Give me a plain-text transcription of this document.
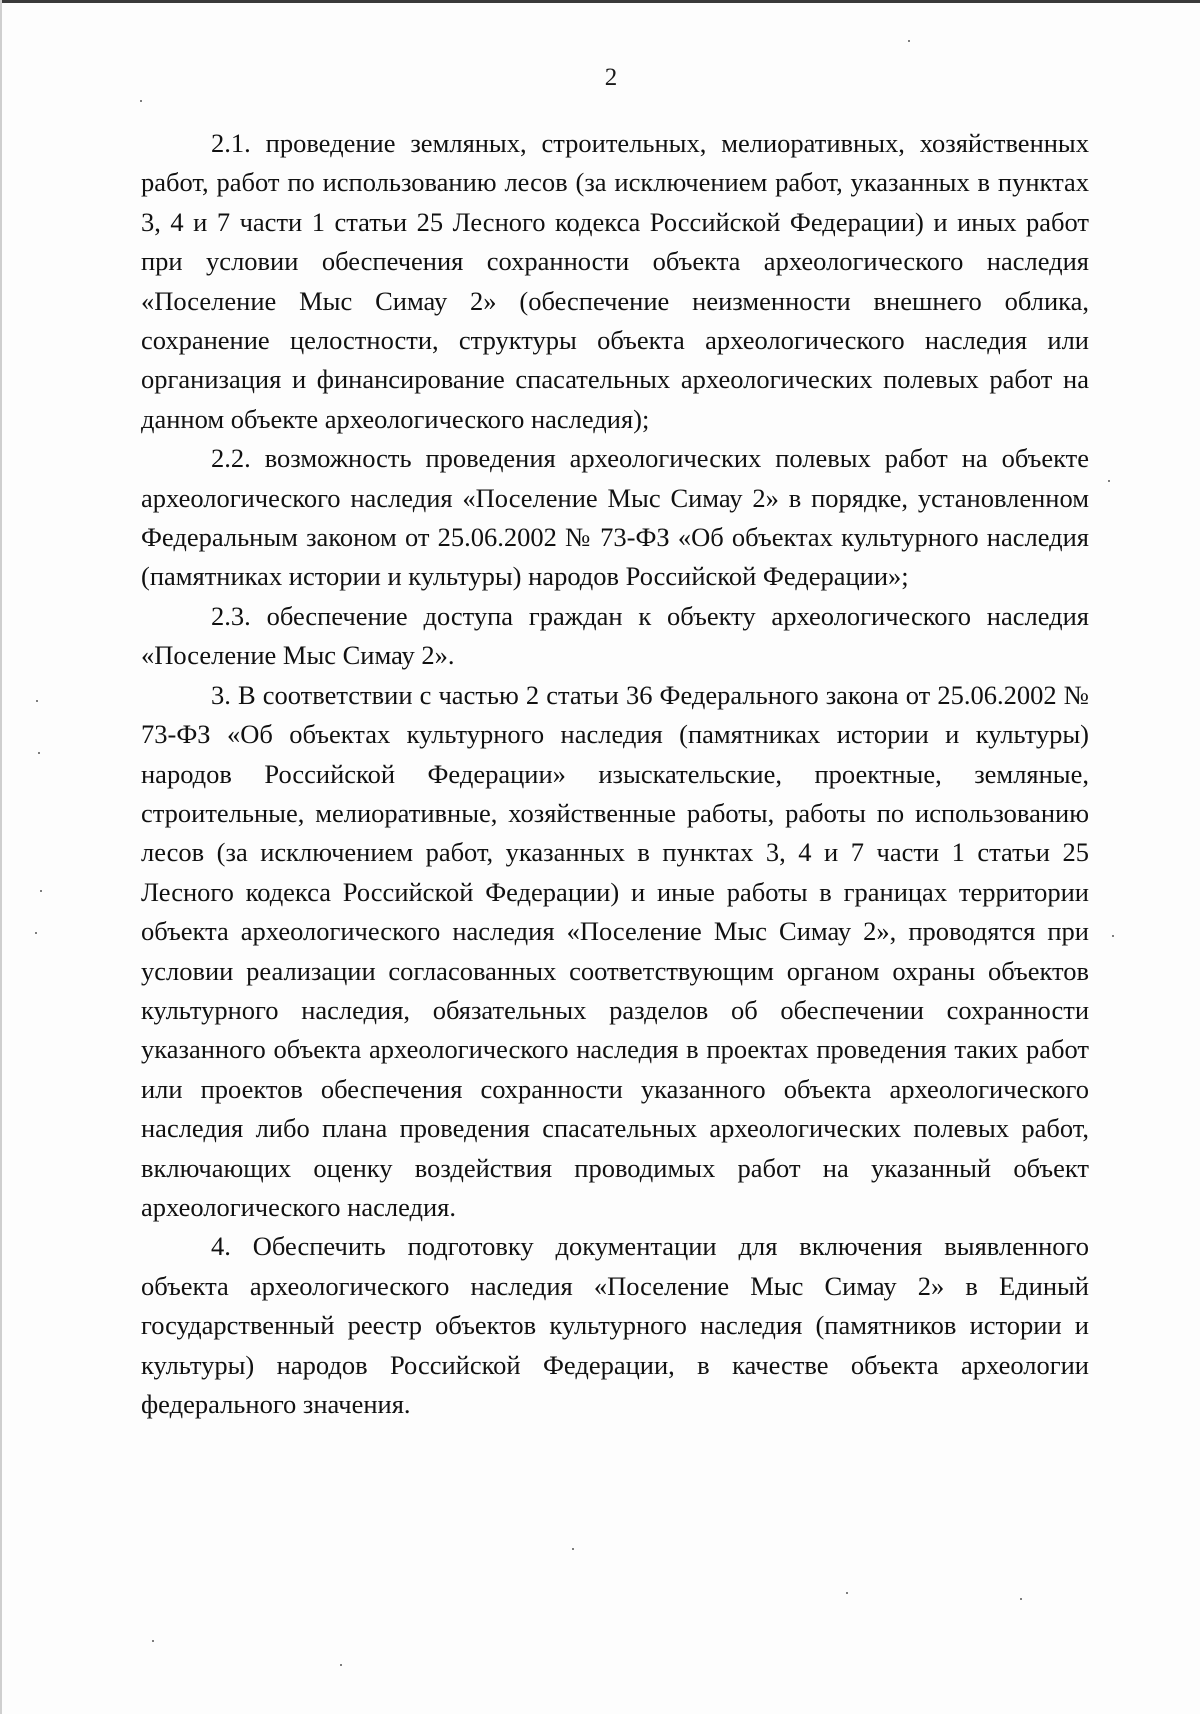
2

2.1. проведение земляных, строительных, мелиоративных, хозяйственных работ, работ по использованию лесов (за исключением работ, указанных в пунктах 3, 4 и 7 части 1 статьи 25 Лесного кодекса Российской Федерации) и иных работ при условии обеспечения сохранности объекта археологического наследия «Поселение Мыс Симау 2» (обеспечение неизменности внешнего облика, сохранение целостности, структуры объекта археологического наследия или организация и финансирование спасательных археологических полевых работ на данном объекте археологического наследия);

2.2. возможность проведения археологических полевых работ на объекте археологического наследия «Поселение Мыс Симау 2» в порядке, установленном Федеральным законом от 25.06.2002 № 73-ФЗ «Об объектах культурного наследия (памятниках истории и культуры) народов Российской Федерации»;

2.3. обеспечение доступа граждан к объекту археологического наследия «Поселение Мыс Симау 2».

3. В соответствии с частью 2 статьи 36 Федерального закона от 25.06.2002 № 73-ФЗ «Об объектах культурного наследия (памятниках истории и культуры) народов Российской Федерации» изыскательские, проектные, земляные, строительные, мелиоративные, хозяйственные работы, работы по использованию лесов (за исключением работ, указанных в пунктах 3, 4 и 7 части 1 статьи 25 Лесного кодекса Российской Федерации) и иные работы в границах территории объекта археологического наследия «Поселение Мыс Симау 2», проводятся при условии реализации согласованных соответствующим органом охраны объектов культурного наследия, обязательных разделов об обеспечении сохранности указанного объекта археологического наследия в проектах проведения таких работ или проектов обеспечения сохранности указанного объекта археологического наследия либо плана проведения спасательных археологических полевых работ, включающих оценку воздействия проводимых работ на указанный объект археологического наследия.

4. Обеспечить подготовку документации для включения выявленного объекта археологического наследия «Поселение Мыс Симау 2» в Единый государственный реестр объектов культурного наследия (памятников истории и культуры) народов Российской Федерации, в качестве объекта археологии федерального значения.
